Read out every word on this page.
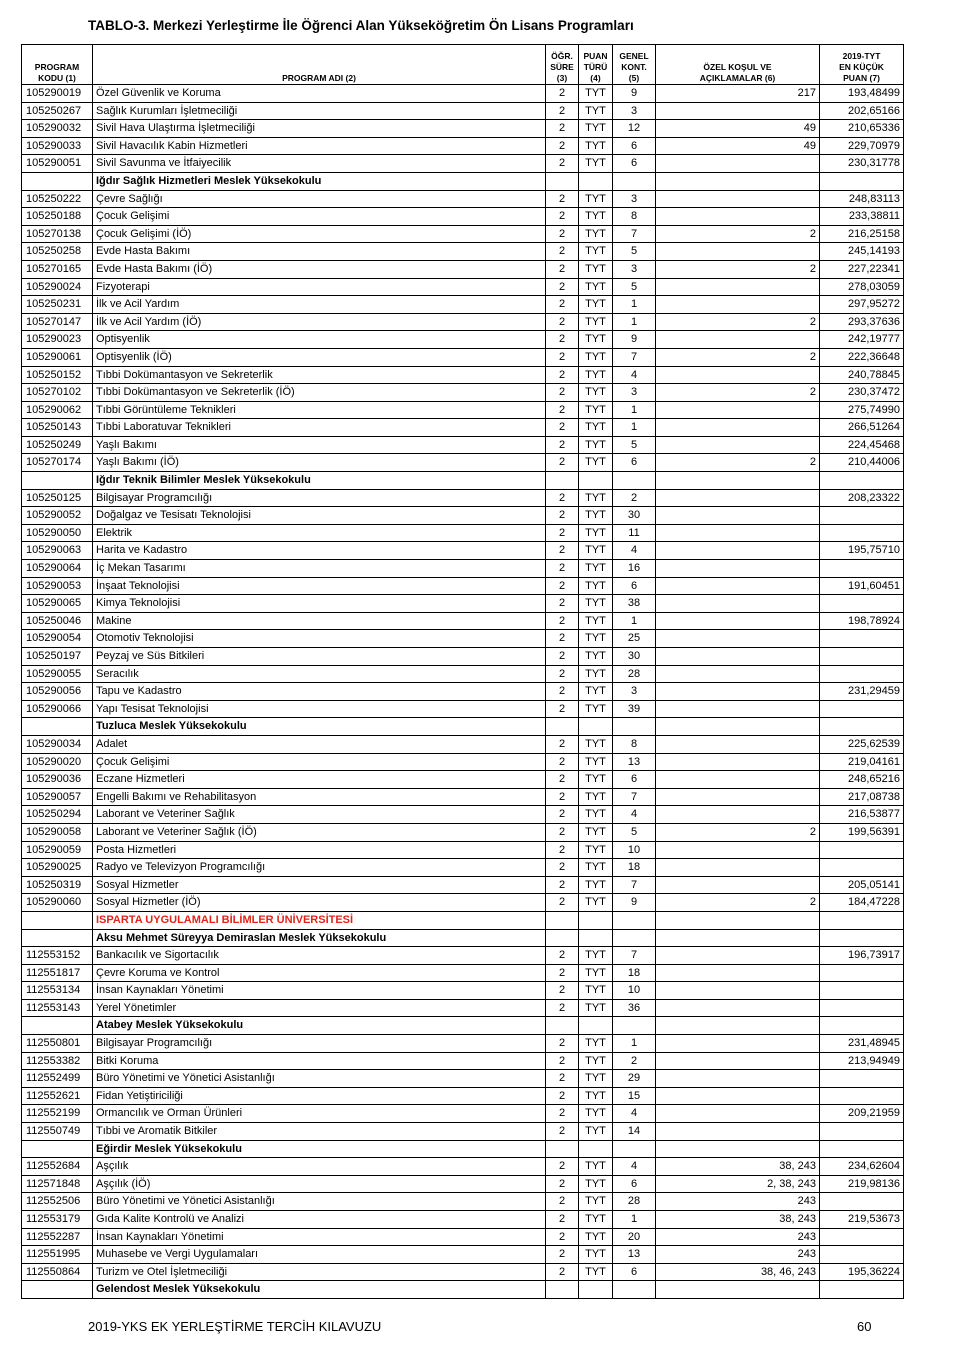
TABLO-3. Merkezi Yerleştirme İle Öğrenci Alan Yükseköğretim Ön Lisans Programları
PROGRAM
KODU (1)	PROGRAM ADI (2)	ÖĞR.
SÜRE
(3)	PUAN
TÜRÜ
(4)	GENEL
KONT.
(5)	ÖZEL KOŞUL VE
AÇIKLAMALAR (6)	2019-TYT
EN KÜÇÜK
PUAN (7)
105290019	Özel Güvenlik ve Koruma	2	TYT	9	217	193,48499
105250267	Sağlık Kurumları İşletmeciliği	2	TYT	3		202,65166
105290032	Sivil Hava Ulaştırma İşletmeciliği	2	TYT	12	49	210,65336
105290033	Sivil Havacılık Kabin Hizmetleri	2	TYT	6	49	229,70979
105290051	Sivil Savunma ve İtfaiyecilik	2	TYT	6		230,31778
	Iğdır Sağlık Hizmetleri Meslek Yüksekokulu					
105250222	Çevre Sağlığı	2	TYT	3		248,83113
105250188	Çocuk Gelişimi	2	TYT	8		233,38811
105270138	Çocuk Gelişimi (İÖ)	2	TYT	7	2	216,25158
105250258	Evde Hasta Bakımı	2	TYT	5		245,14193
105270165	Evde Hasta Bakımı (İÖ)	2	TYT	3	2	227,22341
105290024	Fizyoterapi	2	TYT	5		278,03059
105250231	İlk ve Acil Yardım	2	TYT	1		297,95272
105270147	İlk ve Acil Yardım (İÖ)	2	TYT	1	2	293,37636
105290023	Optisyenlik	2	TYT	9		242,19777
105290061	Optisyenlik (İÖ)	2	TYT	7	2	222,36648
105250152	Tıbbi Dokümantasyon ve Sekreterlik	2	TYT	4		240,78845
105270102	Tıbbi Dokümantasyon ve Sekreterlik (İÖ)	2	TYT	3	2	230,37472
105290062	Tıbbi Görüntüleme Teknikleri	2	TYT	1		275,74990
105250143	Tıbbi Laboratuvar Teknikleri	2	TYT	1		266,51264
105250249	Yaşlı Bakımı	2	TYT	5		224,45468
105270174	Yaşlı Bakımı (İÖ)	2	TYT	6	2	210,44006
	Iğdır Teknik Bilimler Meslek Yüksekokulu					
105250125	Bilgisayar Programcılığı	2	TYT	2		208,23322
105290052	Doğalgaz ve Tesisatı Teknolojisi	2	TYT	30		
105290050	Elektrik	2	TYT	11		
105290063	Harita ve Kadastro	2	TYT	4		195,75710
105290064	İç Mekan Tasarımı	2	TYT	16		
105290053	İnşaat Teknolojisi	2	TYT	6		191,60451
105290065	Kimya Teknolojisi	2	TYT	38		
105250046	Makine	2	TYT	1		198,78924
105290054	Otomotiv Teknolojisi	2	TYT	25		
105250197	Peyzaj ve Süs Bitkileri	2	TYT	30		
105290055	Seracılık	2	TYT	28		
105290056	Tapu ve Kadastro	2	TYT	3		231,29459
105290066	Yapı Tesisat Teknolojisi	2	TYT	39		
	Tuzluca Meslek Yüksekokulu					
105290034	Adalet	2	TYT	8		225,62539
105290020	Çocuk Gelişimi	2	TYT	13		219,04161
105290036	Eczane Hizmetleri	2	TYT	6		248,65216
105290057	Engelli Bakımı ve Rehabilitasyon	2	TYT	7		217,08738
105250294	Laborant ve Veteriner Sağlık	2	TYT	4		216,53877
105290058	Laborant ve Veteriner Sağlık (İÖ)	2	TYT	5	2	199,56391
105290059	Posta Hizmetleri	2	TYT	10		
105290025	Radyo ve Televizyon Programcılığı	2	TYT	18		
105250319	Sosyal Hizmetler	2	TYT	7		205,05141
105290060	Sosyal Hizmetler (İÖ)	2	TYT	9	2	184,47228
	ISPARTA UYGULAMALI BİLİMLER ÜNİVERSİTESİ					
	Aksu Mehmet Süreyya Demiraslan Meslek Yüksekokulu					
112553152	Bankacılık ve Sigortacılık	2	TYT	7		196,73917
112551817	Çevre Koruma ve Kontrol	2	TYT	18		
112553134	İnsan Kaynakları Yönetimi	2	TYT	10		
112553143	Yerel Yönetimler	2	TYT	36		
	Atabey Meslek Yüksekokulu					
112550801	Bilgisayar Programcılığı	2	TYT	1		231,48945
112553382	Bitki Koruma	2	TYT	2		213,94949
112552499	Büro Yönetimi ve Yönetici Asistanlığı	2	TYT	29		
112552621	Fidan Yetiştiriciliği	2	TYT	15		
112552199	Ormancılık ve Orman Ürünleri	2	TYT	4		209,21959
112550749	Tıbbi ve Aromatik Bitkiler	2	TYT	14		
	Eğirdir Meslek Yüksekokulu					
112552684	Aşçılık	2	TYT	4	38, 243	234,62604
112571848	Aşçılık (İÖ)	2	TYT	6	2, 38, 243	219,98136
112552506	Büro Yönetimi ve Yönetici Asistanlığı	2	TYT	28	243	
112553179	Gıda Kalite Kontrolü ve Analizi	2	TYT	1	38, 243	219,53673
112552287	İnsan Kaynakları Yönetimi	2	TYT	20	243	
112551995	Muhasebe ve Vergi Uygulamaları	2	TYT	13	243	
112550864	Turizm ve Otel İşletmeciliği	2	TYT	6	38, 46, 243	195,36224
	Gelendost Meslek Yüksekokulu					
2019-YKS EK YERLEŞTİRME TERCİH KILAVUZU	60
